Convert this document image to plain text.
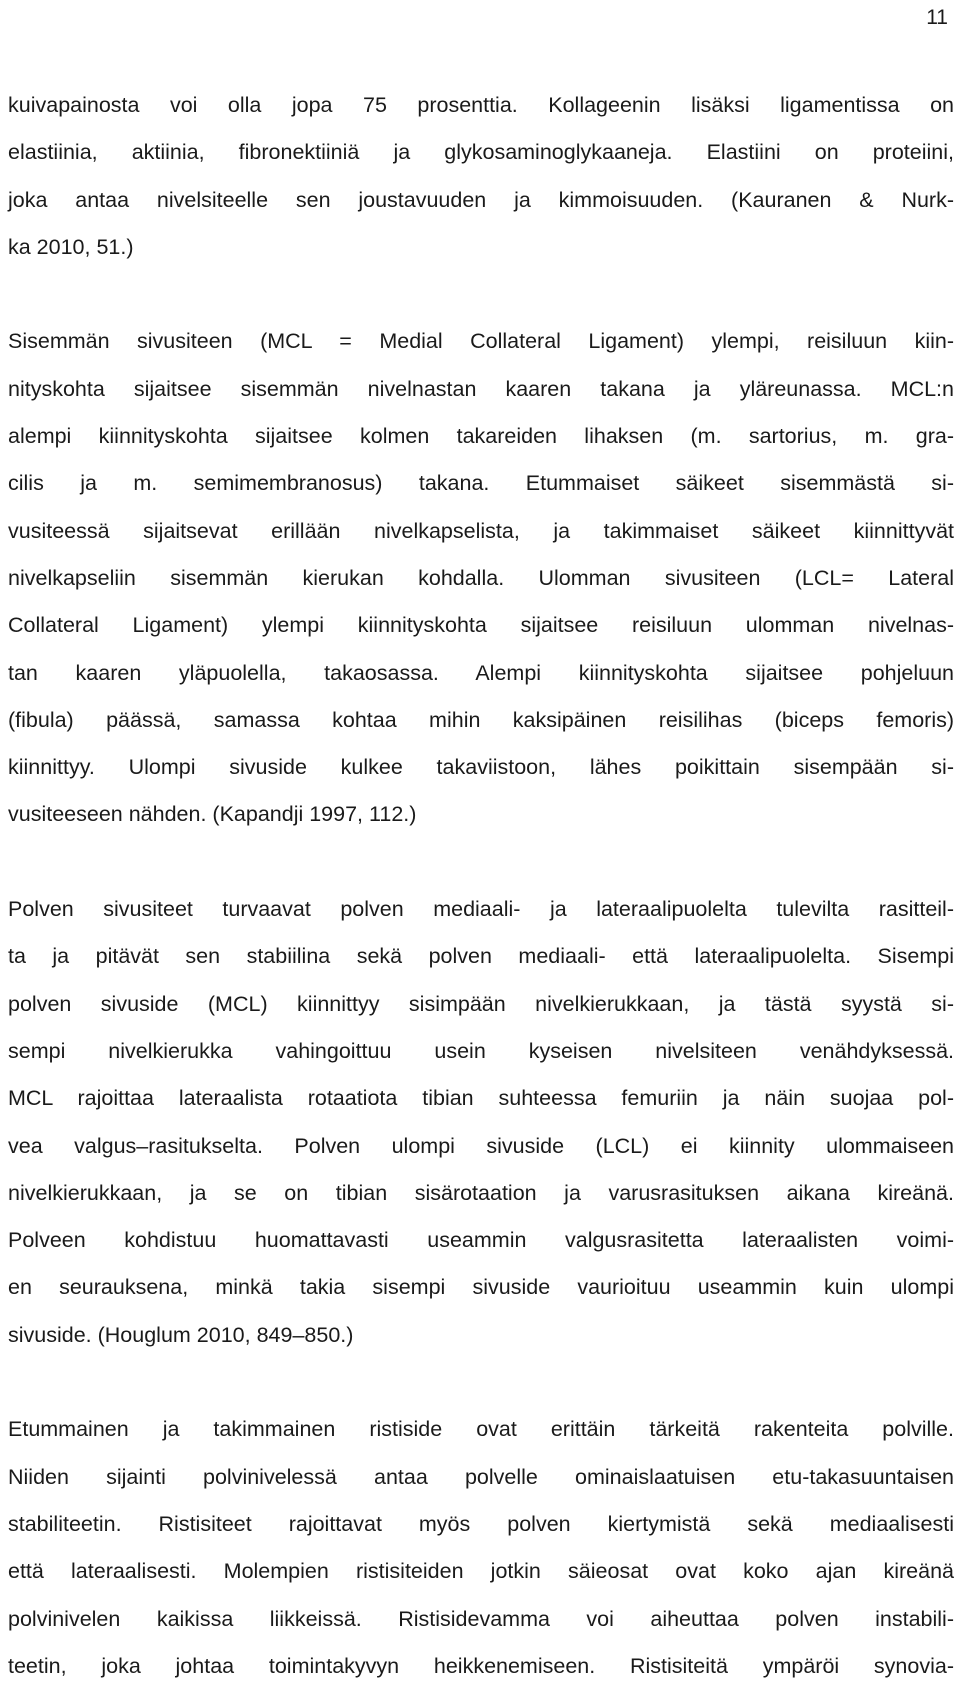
11
kuivapainosta voi olla jopa 75 prosenttia. Kollageenin lisäksi ligamentissa on
elastiinia, aktiinia, fibronektiiniä ja glykosaminoglykaaneja. Elastiini on proteiini,
joka antaa nivelsiteelle sen joustavuuden ja kimmoisuuden. (Kauranen & Nurk-
ka 2010, 51.)
Sisemmän sivusiteen (MCL = Medial Collateral Ligament) ylempi, reisiluun kiin-
nityskohta sijaitsee sisemmän nivelnastan kaaren takana ja yläreunassa. MCL:n
alempi kiinnityskohta sijaitsee kolmen takareiden lihaksen (m. sartorius, m. gra-
cilis ja m. semimembranosus) takana. Etummaiset säikeet sisemmästä si-
vusiteessä sijaitsevat erillään nivelkapselista, ja takimmaiset säikeet kiinnittyvät
nivelkapseliin sisemmän kierukan kohdalla. Ulomman sivusiteen (LCL= Lateral
Collateral Ligament) ylempi kiinnityskohta sijaitsee reisiluun ulomman nivelnas-
tan kaaren yläpuolella, takaosassa. Alempi kiinnityskohta sijaitsee pohjeluun
(fibula) päässä, samassa kohtaa mihin kaksipäinen reisilihas (biceps femoris)
kiinnittyy. Ulompi sivuside kulkee takaviistoon, lähes poikittain sisempään si-
vusiteeseen nähden. (Kapandji 1997, 112.)
Polven sivusiteet turvaavat polven mediaali- ja lateraalipuolelta tulevilta rasitteil-
ta ja pitävät sen stabiilina sekä polven mediaali- että lateraalipuolelta. Sisempi
polven sivuside (MCL) kiinnittyy sisimpään nivelkierukkaan, ja tästä syystä si-
sempi nivelkierukka vahingoittuu usein kyseisen nivelsiteen venähdyksessä.
MCL rajoittaa lateraalista rotaatiota tibian suhteessa femuriin ja näin suojaa pol-
vea valgus–rasitukselta. Polven ulompi sivuside (LCL) ei kiinnity ulommaiseen
nivelkierukkaan, ja se on tibian sisärotaation ja varusrasituksen aikana kireänä.
Polveen kohdistuu huomattavasti useammin valgusrasitetta lateraalisten voimi-
en seurauksena, minkä takia sisempi sivuside vaurioituu useammin kuin ulompi
sivuside. (Houglum 2010, 849–850.)
Etummainen ja takimmainen ristiside ovat erittäin tärkeitä rakenteita polville.
Niiden sijainti polvinivelessä antaa polvelle ominaislaatuisen etu-takasuuntaisen
stabiliteetin. Ristisiteet rajoittavat myös polven kiertymistä sekä mediaalisesti
että lateraalisesti. Molempien ristisiteiden jotkin säieosat ovat koko ajan kireänä
polvinivelen kaikissa liikkeissä. Ristisidevamma voi aiheuttaa polven instabili-
teetin, joka johtaa toimintakyvyn heikkenemiseen. Ristisiteitä ympäröi synovia-
